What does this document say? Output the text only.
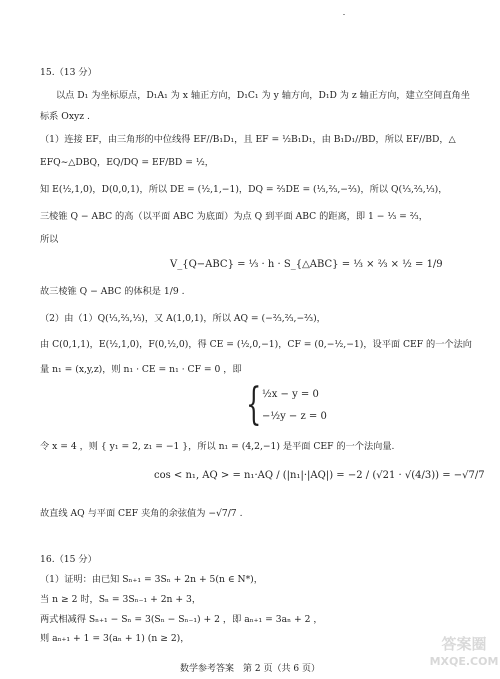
15.（13 分）
以点 D₁ 为坐标原点，D₁A₁ 为 x 轴正方向，D₁C₁ 为 y 轴方向，D₁D 为 z 轴正方向，建立空间直角坐
标系 Oxyz .
（1）连接 EF，由三角形的中位线得 EF//B₁D₁，且 EF = ½B₁D₁，由 B₁D₁//BD，所以 EF//BD，△
EFQ∼△DBQ，EQ/DQ = EF/BD = ½，
知 E(½,1,0)，D(0,0,1)，所以 DE = (½,1,−1)，DQ = ⅔DE = (⅓,⅔,−⅔)，所以 Q(⅓,⅔,⅓)，
三棱锥 Q − ABC 的高（以平面 ABC 为底面）为点 Q 到平面 ABC 的距离，即 1 − ⅓ = ⅔，
所以
V_{Q−ABC} = ⅓ · h · S_{△ABC} = ⅓ × ⅔ × ½ = 1/9
故三棱锥 Q − ABC 的体积是 1/9 .
（2）由（1）Q(⅓,⅔,⅓)，又 A(1,0,1)，所以 AQ = (−⅔,⅔,−⅔)，
由 C(0,1,1)，E(½,1,0)，F(0,½,0)，得 CE = (½,0,−1)，CF = (0,−½,−1)，设平面 CEF 的一个法向
量 n₁ = (x,y,z)，则 n₁ · CE = n₁ · CF = 0 ，即
{ ½x − y = 0
−½y − z = 0
令 x = 4 ，则 { y₁ = 2, z₁ = −1 }，所以 n₁ = (4,2,−1) 是平面 CEF 的一个法向量.
cos < n₁, AQ > = n₁·AQ / (|n₁|·|AQ|) = −2 / (√21 · √(4/3)) = −√7/7
故直线 AQ 与平面 CEF 夹角的余弦值为 −√7/7 .
16.（15 分）
（1）证明：由已知 Sₙ₊₁ = 3Sₙ + 2n + 5(n ∈ N*)，
当 n ≥ 2 时，Sₙ = 3Sₙ₋₁ + 2n + 3，
两式相减得 Sₙ₊₁ − Sₙ = 3(Sₙ − Sₙ₋₁) + 2 ，即 aₙ₊₁ = 3aₙ + 2 ，
则 aₙ₊₁ + 1 = 3(aₙ + 1) (n ≥ 2)，
数学参考答案　第 2 页（共 6 页）
答案圈
MXQE.COM
